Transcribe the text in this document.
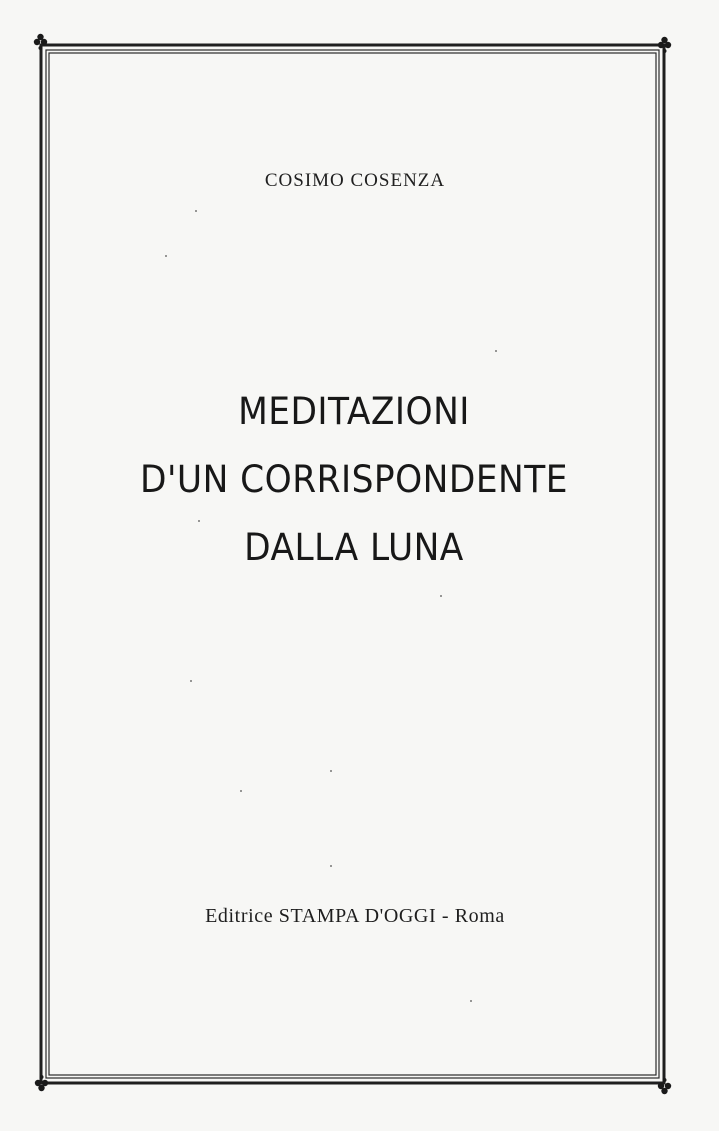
COSIMO COSENZA
MEDITAZIONI
D'UN CORRISPONDENTE
DALLA LUNA
Editrice STAMPA D'OGGI - Roma
